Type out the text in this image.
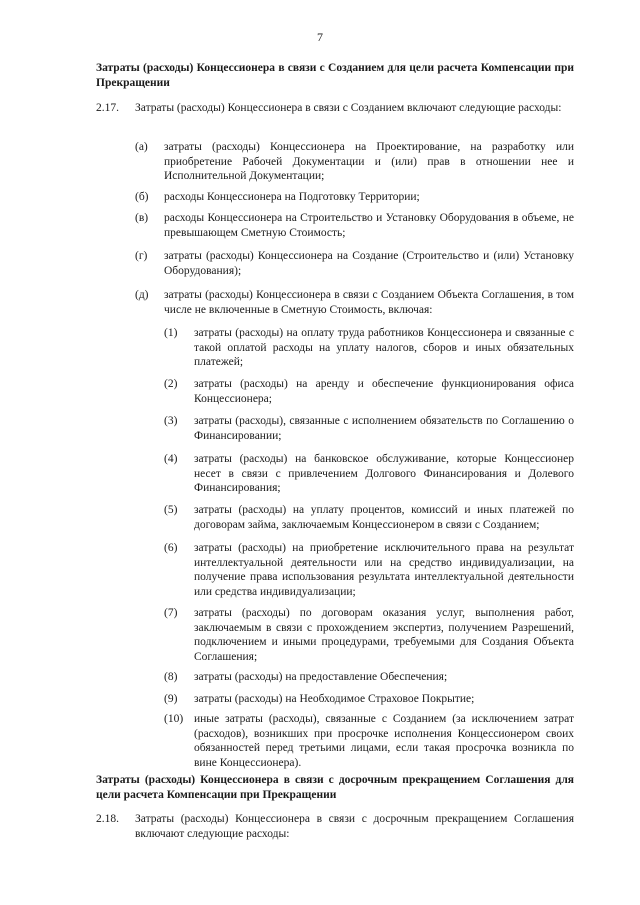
7
Затраты (расходы) Концессионера в связи с Созданием для цели расчета Компенсации при Прекращении
2.17. Затраты (расходы) Концессионера в связи с Созданием включают следующие расходы:
(а) затраты (расходы) Концессионера на Проектирование, на разработку или приобретение Рабочей Документации и (или) прав в отношении нее и Исполнительной Документации;
(б) расходы Концессионера на Подготовку Территории;
(в) расходы Концессионера на Строительство и Установку Оборудования в объеме, не превышающем Сметную Стоимость;
(г) затраты (расходы) Концессионера на Создание (Строительство и (или) Установку Оборудования);
(д) затраты (расходы) Концессионера в связи с Созданием Объекта Соглашения, в том числе не включенные в Сметную Стоимость, включая:
(1) затраты (расходы) на оплату труда работников Концессионера и связанные с такой оплатой расходы на уплату налогов, сборов и иных обязательных платежей;
(2) затраты (расходы) на аренду и обеспечение функционирования офиса Концессионера;
(3) затраты (расходы), связанные с исполнением обязательств по Соглашению о Финансировании;
(4) затраты (расходы) на банковское обслуживание, которые Концессионер несет в связи с привлечением Долгового Финансирования и Долевого Финансирования;
(5) затраты (расходы) на уплату процентов, комиссий и иных платежей по договорам займа, заключаемым Концессионером в связи с Созданием;
(6) затраты (расходы) на приобретение исключительного права на результат интеллектуальной деятельности или на средство индивидуализации, на получение права использования результата интеллектуальной деятельности или средства индивидуализации;
(7) затраты (расходы) по договорам оказания услуг, выполнения работ, заключаемым в связи с прохождением экспертиз, получением Разрешений, подключением и иными процедурами, требуемыми для Создания Объекта Соглашения;
(8) затраты (расходы) на предоставление Обеспечения;
(9) затраты (расходы) на Необходимое Страховое Покрытие;
(10) иные затраты (расходы), связанные с Созданием (за исключением затрат (расходов), возникших при просрочке исполнения Концессионером своих обязанностей перед третьими лицами, если такая просрочка возникла по вине Концессионера).
Затраты (расходы) Концессионера в связи с досрочным прекращением Соглашения для цели расчета Компенсации при Прекращении
2.18. Затраты (расходы) Концессионера в связи с досрочным прекращением Соглашения включают следующие расходы:
